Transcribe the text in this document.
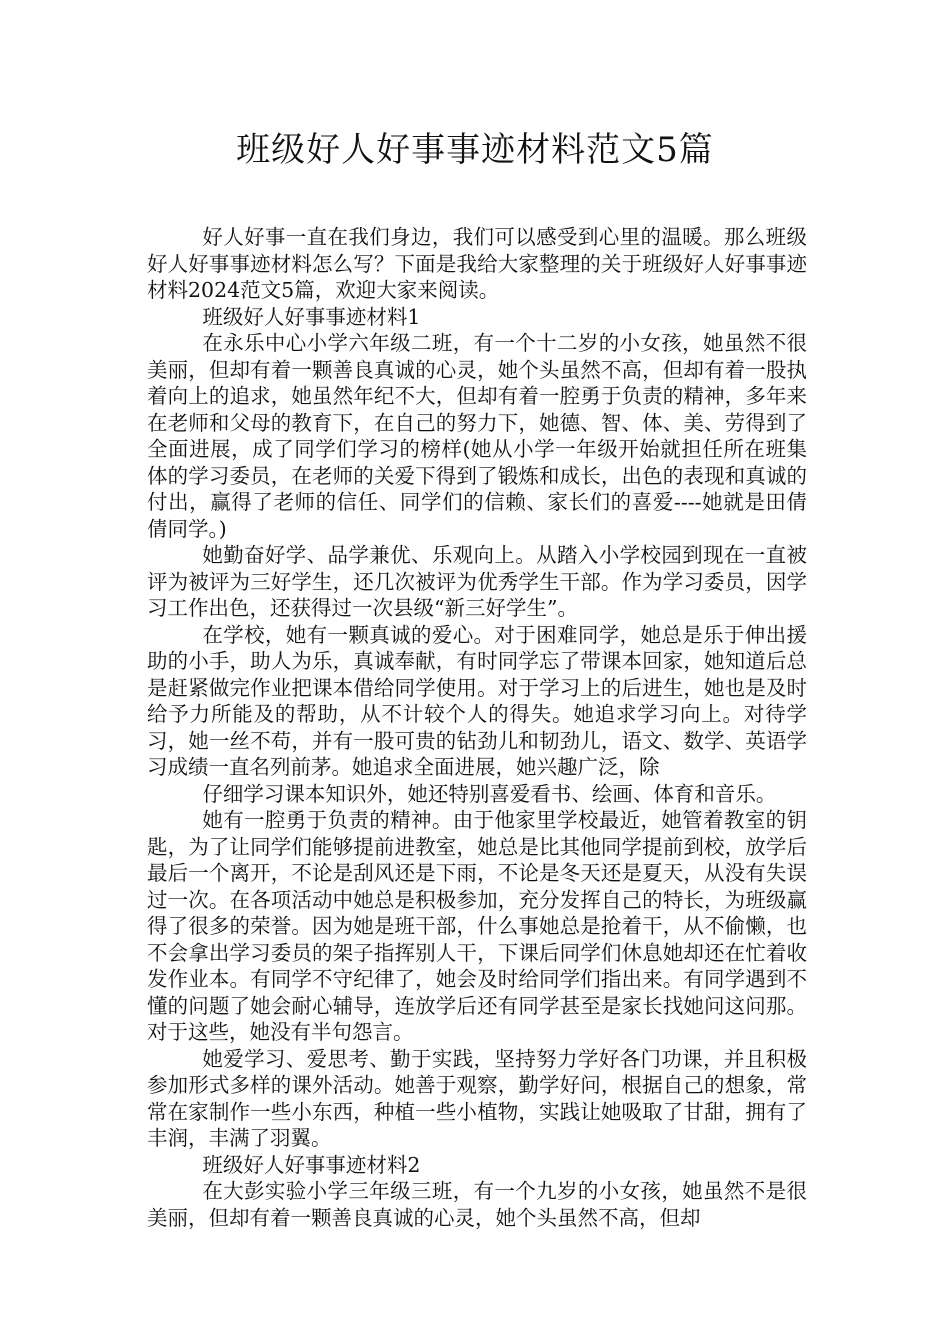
班级好人好事事迹材料范文5篇

好人好事一直在我们身边，我们可以感受到心里的温暖。那么班级好人好事事迹材料怎么写？下面是我给大家整理的关于班级好人好事事迹材料2024范文5篇，欢迎大家来阅读。

班级好人好事事迹材料1

在永乐中心小学六年级二班，有一个十二岁的小女孩，她虽然不很美丽，但却有着一颗善良真诚的心灵，她个头虽然不高，但却有着一股执着向上的追求，她虽然年纪不大，但却有着一腔勇于负责的精神，多年来在老师和父母的教育下，在自己的努力下，她德、智、体、美、劳得到了全面进展，成了同学们学习的榜样(她从小学一年级开始就担任所在班集体的学习委员，在老师的关爱下得到了锻炼和成长，出色的表现和真诚的付出，赢得了老师的信任、同学们的信赖、家长们的喜爱----她就是田倩倩同学。)

她勤奋好学、品学兼优、乐观向上。从踏入小学校园到现在一直被评为被评为三好学生，还几次被评为优秀学生干部。作为学习委员，因学习工作出色，还获得过一次县级“新三好学生”。

在学校，她有一颗真诚的爱心。对于困难同学，她总是乐于伸出援助的小手，助人为乐，真诚奉献，有时同学忘了带课本回家，她知道后总是赶紧做完作业把课本借给同学使用。对于学习上的后进生，她也是及时给予力所能及的帮助，从不计较个人的得失。她追求学习向上。对待学习，她一丝不苟，并有一股可贵的钻劲儿和韧劲儿，语文、数学、英语学习成绩一直名列前茅。她追求全面进展，她兴趣广泛，除

仔细学习课本知识外，她还特别喜爱看书、绘画、体育和音乐。

她有一腔勇于负责的精神。由于他家里学校最近，她管着教室的钥匙，为了让同学们能够提前进教室，她总是比其他同学提前到校，放学后最后一个离开，不论是刮风还是下雨，不论是冬天还是夏天，从没有失误过一次。在各项活动中她总是积极参加，充分发挥自己的特长，为班级赢得了很多的荣誉。因为她是班干部，什么事她总是抢着干，从不偷懒，也不会拿出学习委员的架子指挥别人干，下课后同学们休息她却还在忙着收发作业本。有同学不守纪律了，她会及时给同学们指出来。有同学遇到不懂的问题了她会耐心辅导，连放学后还有同学甚至是家长找她问这问那。对于这些，她没有半句怨言。

她爱学习、爱思考、勤于实践，坚持努力学好各门功课，并且积极参加形式多样的课外活动。她善于观察，勤学好问，根据自己的想象，常常在家制作一些小东西，种植一些小植物，实践让她吸取了甘甜，拥有了丰润，丰满了羽翼。

班级好人好事事迹材料2

在大彭实验小学三年级三班，有一个九岁的小女孩，她虽然不是很美丽，但却有着一颗善良真诚的心灵，她个头虽然不高，但却
